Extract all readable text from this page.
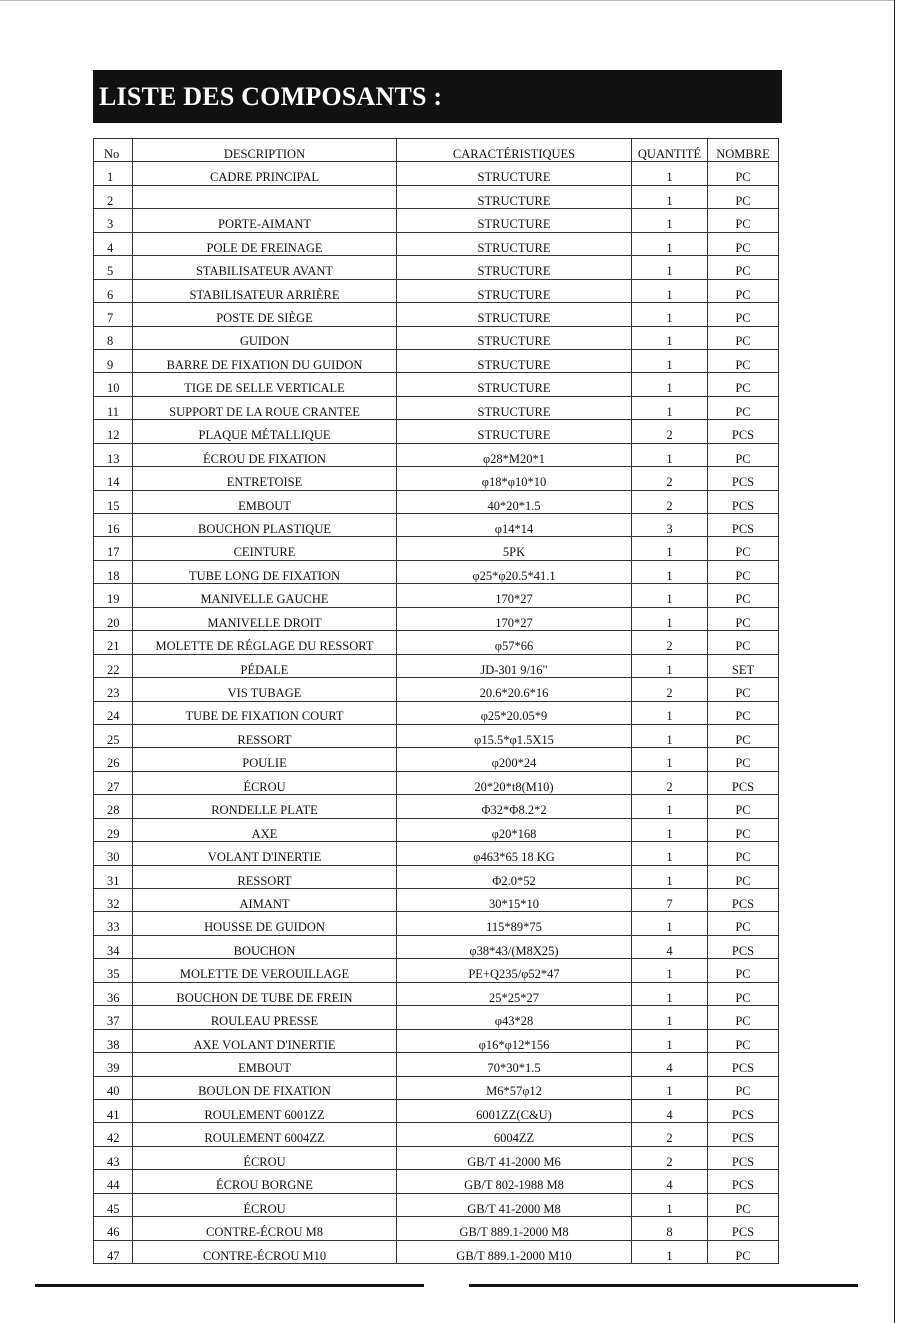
LISTE DES COMPOSANTS :
No	DESCRIPTION	CARACTÉRISTIQUES	QUANTITÉ	NOMBRE
1	CADRE PRINCIPAL	STRUCTURE	1	PC
2		STRUCTURE	1	PC
3	PORTE-AIMANT	STRUCTURE	1	PC
4	POLE DE FREINAGE	STRUCTURE	1	PC
5	STABILISATEUR AVANT	STRUCTURE	1	PC
6	STABILISATEUR ARRIÈRE	STRUCTURE	1	PC
7	POSTE DE SIÈGE	STRUCTURE	1	PC
8	GUIDON	STRUCTURE	1	PC
9	BARRE DE FIXATION DU GUIDON	STRUCTURE	1	PC
10	TIGE DE SELLE VERTICALE	STRUCTURE	1	PC
11	SUPPORT DE LA ROUE CRANTEE	STRUCTURE	1	PC
12	PLAQUE MÉTALLIQUE	STRUCTURE	2	PCS
13	ÉCROU DE FIXATION	φ28*M20*1	1	PC
14	ENTRETOISE	φ18*φ10*10	2	PCS
15	EMBOUT	40*20*1.5	2	PCS
16	BOUCHON PLASTIQUE	φ14*14	3	PCS
17	CEINTURE	5PK	1	PC
18	TUBE LONG DE FIXATION	φ25*φ20.5*41.1	1	PC
19	MANIVELLE GAUCHE	170*27	1	PC
20	MANIVELLE DROIT	170*27	1	PC
21	MOLETTE DE RÉGLAGE DU RESSORT	φ57*66	2	PC
22	PÉDALE	JD-301 9/16"	1	SET
23	VIS TUBAGE	20.6*20.6*16	2	PC
24	TUBE DE FIXATION COURT	φ25*20.05*9	1	PC
25	RESSORT	φ15.5*φ1.5X15	1	PC
26	POULIE	φ200*24	1	PC
27	ÉCROU	20*20*t8(M10)	2	PCS
28	RONDELLE PLATE	Φ32*Φ8.2*2	1	PC
29	AXE	φ20*168	1	PC
30	VOLANT D'INERTIE	φ463*65 18 KG	1	PC
31	RESSORT	Φ2.0*52	1	PC
32	AIMANT	30*15*10	7	PCS
33	HOUSSE DE GUIDON	115*89*75	1	PC
34	BOUCHON	φ38*43/(M8X25)	4	PCS
35	MOLETTE DE VEROUILLAGE	PE+Q235/φ52*47	1	PC
36	BOUCHON DE TUBE DE FREIN	25*25*27	1	PC
37	ROULEAU PRESSE	φ43*28	1	PC
38	AXE VOLANT D'INERTIE	φ16*φ12*156	1	PC
39	EMBOUT	70*30*1.5	4	PCS
40	BOULON DE FIXATION	M6*57φ12	1	PC
41	ROULEMENT 6001ZZ	6001ZZ(C&U)	4	PCS
42	ROULEMENT 6004ZZ	6004ZZ	2	PCS
43	ÉCROU	GB/T 41-2000 M6	2	PCS
44	ÉCROU BORGNE	GB/T 802-1988 M8	4	PCS
45	ÉCROU	GB/T 41-2000 M8	1	PC
46	CONTRE-ÉCROU M8	GB/T 889.1-2000 M8	8	PCS
47	CONTRE-ÉCROU M10	GB/T 889.1-2000 M10	1	PC
